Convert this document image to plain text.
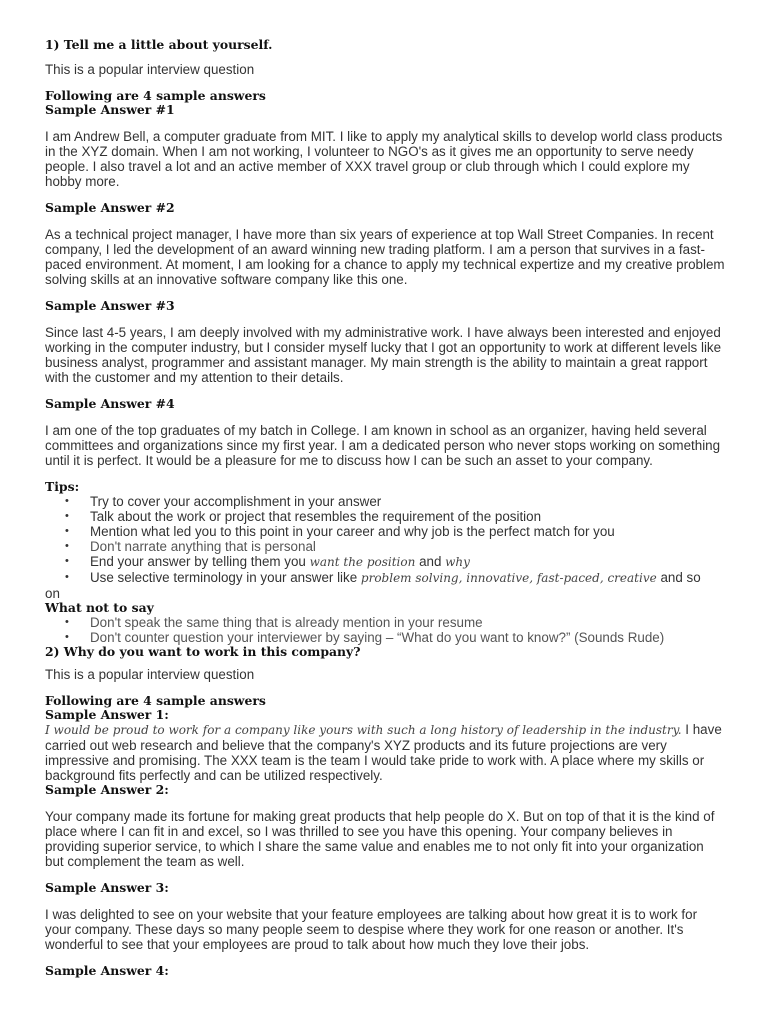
1) Tell me a little about yourself.
This is a popular interview question
Following are 4 sample answers
Sample Answer #1
I am Andrew Bell, a computer graduate from MIT. I like to apply my analytical skills to develop world class products in the XYZ domain. When I am not working, I volunteer to NGO's as it gives me an opportunity to serve needy people. I also travel a lot and an active member of XXX travel group or club through which I could explore my hobby more.
Sample Answer #2
As a technical project manager, I have more than six years of experience at top Wall Street Companies. In recent company, I led the development of an award winning new trading platform. I am a person that survives in a fast-paced environment. At moment, I am looking for a chance to apply my technical expertize and my creative problem solving skills at an innovative software company like this one.
Sample Answer #3
Since last 4-5 years, I am deeply involved with my administrative work. I have always been interested and enjoyed working in the computer industry, but I consider myself lucky that I got an opportunity to work at different levels like business analyst, programmer and assistant manager. My main strength is the ability to maintain a great rapport with the customer and my attention to their details.
Sample Answer #4
I am one of the top graduates of my batch in College. I am known in school as an organizer, having held several committees and organizations since my first year. I am a dedicated person who never stops working on something until it is perfect. It would be a pleasure for me to discuss how I can be such an asset to your company.
Tips:
• Try to cover your accomplishment in your answer
• Talk about the work or project that resembles the requirement of the position
• Mention what led you to this point in your career and why job is the perfect match for you
• Don't narrate anything that is personal
• End your answer by telling them you want the position and why
• Use selective terminology in your answer like problem solving, innovative, fast-paced, creative and so
on
What not to say
• Don't speak the same thing that is already mention in your resume
• Don't counter question your interviewer by saying – “What do you want to know?” (Sounds Rude)
2) Why do you want to work in this company?
This is a popular interview question
Following are 4 sample answers
Sample Answer 1:
I would be proud to work for a company like yours with such a long history of leadership in the industry. I have carried out web research and believe that the company's XYZ products and its future projections are very impressive and promising. The XXX team is the team I would take pride to work with. A place where my skills or background fits perfectly and can be utilized respectively.
Sample Answer 2:
Your company made its fortune for making great products that help people do X. But on top of that it is the kind of place where I can fit in and excel, so I was thrilled to see you have this opening. Your company believes in providing superior service, to which I share the same value and enables me to not only fit into your organization but complement the team as well.
Sample Answer 3:
I was delighted to see on your website that your feature employees are talking about how great it is to work for your company. These days so many people seem to despise where they work for one reason or another. It's wonderful to see that your employees are proud to talk about how much they love their jobs.
Sample Answer 4:
